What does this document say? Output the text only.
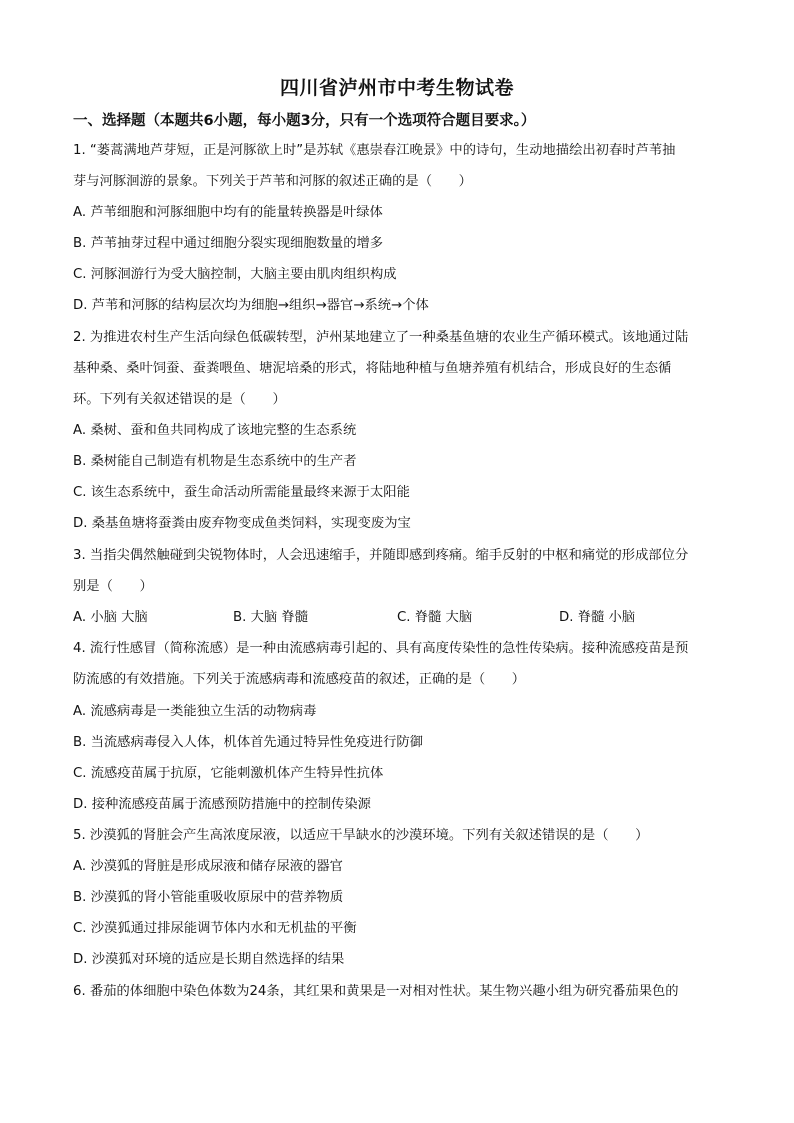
四川省泸州市中考生物试卷
一、选择题（本题共6小题，每小题3分，只有一个选项符合题目要求。）
1. “蒌蒿满地芦芽短，正是河豚欲上时”是苏轼《惠崇春江晚景》中的诗句，生动地描绘出初春时芦苇抽
芽与河豚洄游的景象。下列关于芦苇和河豚的叙述正确的是（　　）
A. 芦苇细胞和河豚细胞中均有的能量转换器是叶绿体
B. 芦苇抽芽过程中通过细胞分裂实现细胞数量的增多
C. 河豚洄游行为受大脑控制，大脑主要由肌肉组织构成
D. 芦苇和河豚的结构层次均为细胞→组织→器官→系统→个体
2. 为推进农村生产生活向绿色低碳转型，泸州某地建立了一种桑基鱼塘的农业生产循环模式。该地通过陆
基种桑、桑叶饲蚕、蚕粪喂鱼、塘泥培桑的形式，将陆地种植与鱼塘养殖有机结合，形成良好的生态循
环。下列有关叙述错误的是（　　）
A. 桑树、蚕和鱼共同构成了该地完整的生态系统
B. 桑树能自己制造有机物是生态系统中的生产者
C. 该生态系统中，蚕生命活动所需能量最终来源于太阳能
D. 桑基鱼塘将蚕粪由废弃物变成鱼类饲料，实现变废为宝
3. 当指尖偶然触碰到尖锐物体时，人会迅速缩手，并随即感到疼痛。缩手反射的中枢和痛觉的形成部位分
别是（　　）
A. 小脑 大脑	B. 大脑 脊髓	C. 脊髓 大脑	D. 脊髓 小脑
4. 流行性感冒（简称流感）是一种由流感病毒引起的、具有高度传染性的急性传染病。接种流感疫苗是预
防流感的有效措施。下列关于流感病毒和流感疫苗的叙述，正确的是（　　）
A. 流感病毒是一类能独立生活的动物病毒
B. 当流感病毒侵入人体，机体首先通过特异性免疫进行防御
C. 流感疫苗属于抗原，它能刺激机体产生特异性抗体
D. 接种流感疫苗属于流感预防措施中的控制传染源
5. 沙漠狐的肾脏会产生高浓度尿液，以适应干旱缺水的沙漠环境。下列有关叙述错误的是（　　）
A. 沙漠狐的肾脏是形成尿液和储存尿液的器官
B. 沙漠狐的肾小管能重吸收原尿中的营养物质
C. 沙漠狐通过排尿能调节体内水和无机盐的平衡
D. 沙漠狐对环境的适应是长期自然选择的结果
6. 番茄的体细胞中染色体数为24条，其红果和黄果是一对相对性状。某生物兴趣小组为研究番茄果色的
